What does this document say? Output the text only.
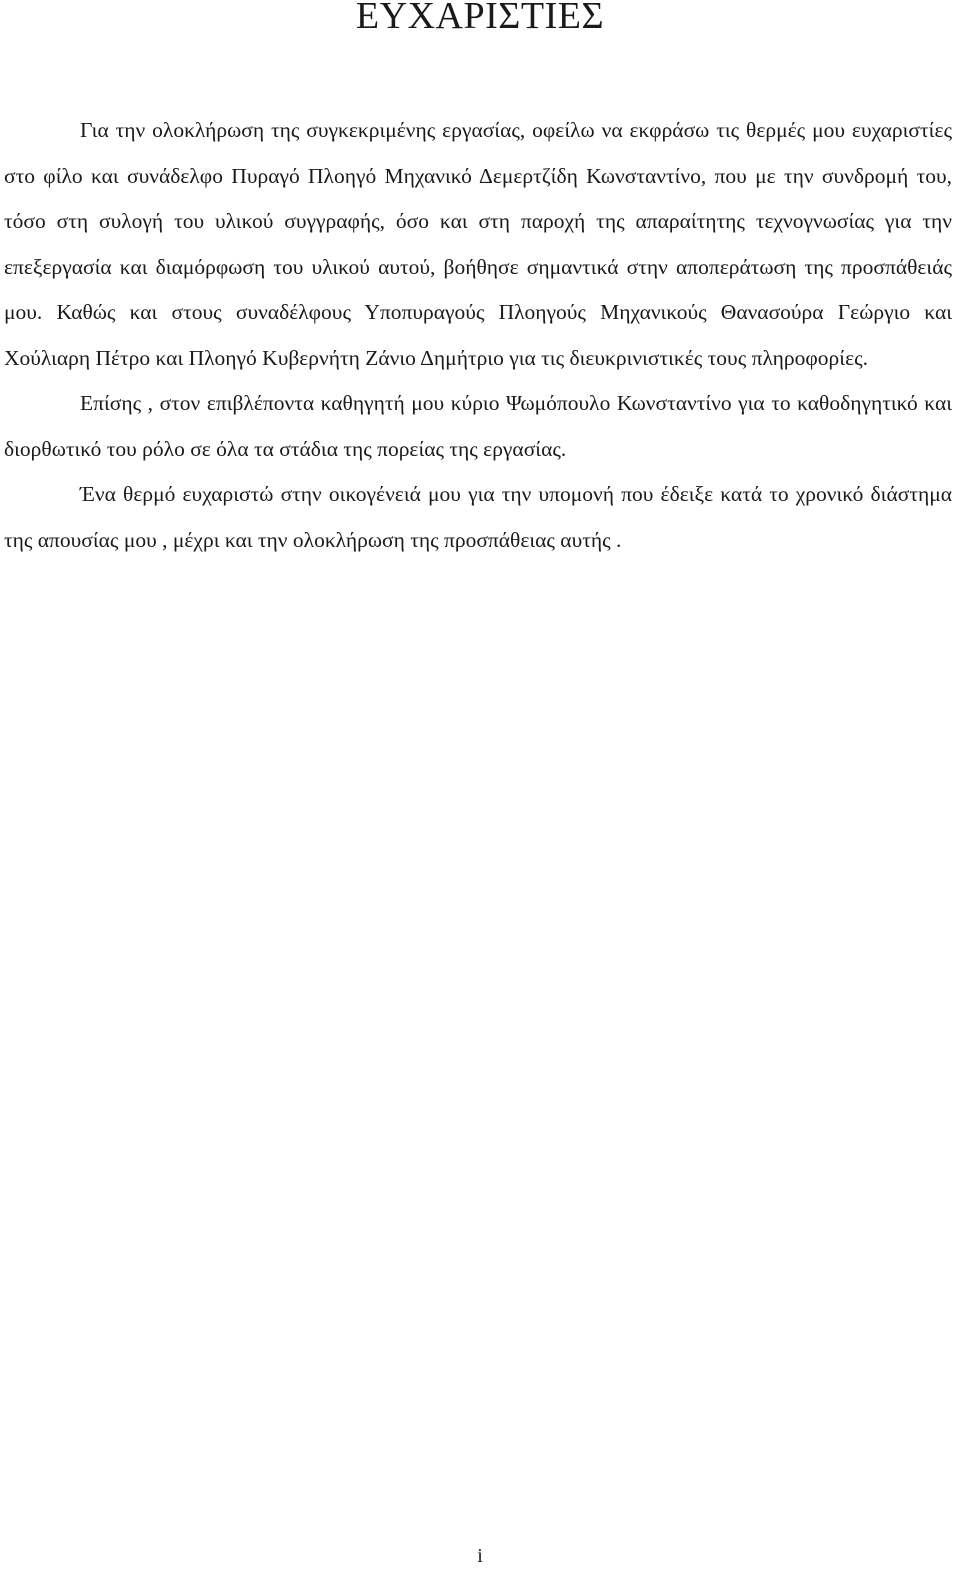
ΕΥΧΑΡΙΣΤΙΕΣ

Για την ολοκλήρωση της συγκεκριμένης εργασίας, οφείλω να εκφράσω τις θερμές μου ευχαριστίες στο φίλο και συνάδελφο Πυραγό Πλοηγό Μηχανικό Δεμερτζίδη Κωνσταντίνο, που με την συνδρομή του, τόσο στη συλογή του υλικού συγγραφής, όσο και στη παροχή της απαραίτητης τεχνογνωσίας για την επεξεργασία και διαμόρφωση του υλικού αυτού, βοήθησε σημαντικά στην αποπεράτωση της προσπάθειάς μου. Καθώς και στους συναδέλφους Υποπυραγούς Πλοηγούς Μηχανικούς Θανασούρα Γεώργιο και Χούλιαρη Πέτρο και Πλοηγό Κυβερνήτη Ζάνιο Δημήτριο για τις διευκρινιστικές τους πληροφορίες.

Επίσης , στον επιβλέποντα καθηγητή μου κύριο Ψωμόπουλο Κωνσταντίνο για το καθοδηγητικό και διορθωτικό του ρόλο σε όλα τα στάδια της πορείας της εργασίας.

Ένα θερμό ευχαριστώ στην οικογένειά μου για την υπομονή που έδειξε κατά το χρονικό διάστημα της απουσίας μου , μέχρι και την ολοκλήρωση της προσπάθειας αυτής .

i
